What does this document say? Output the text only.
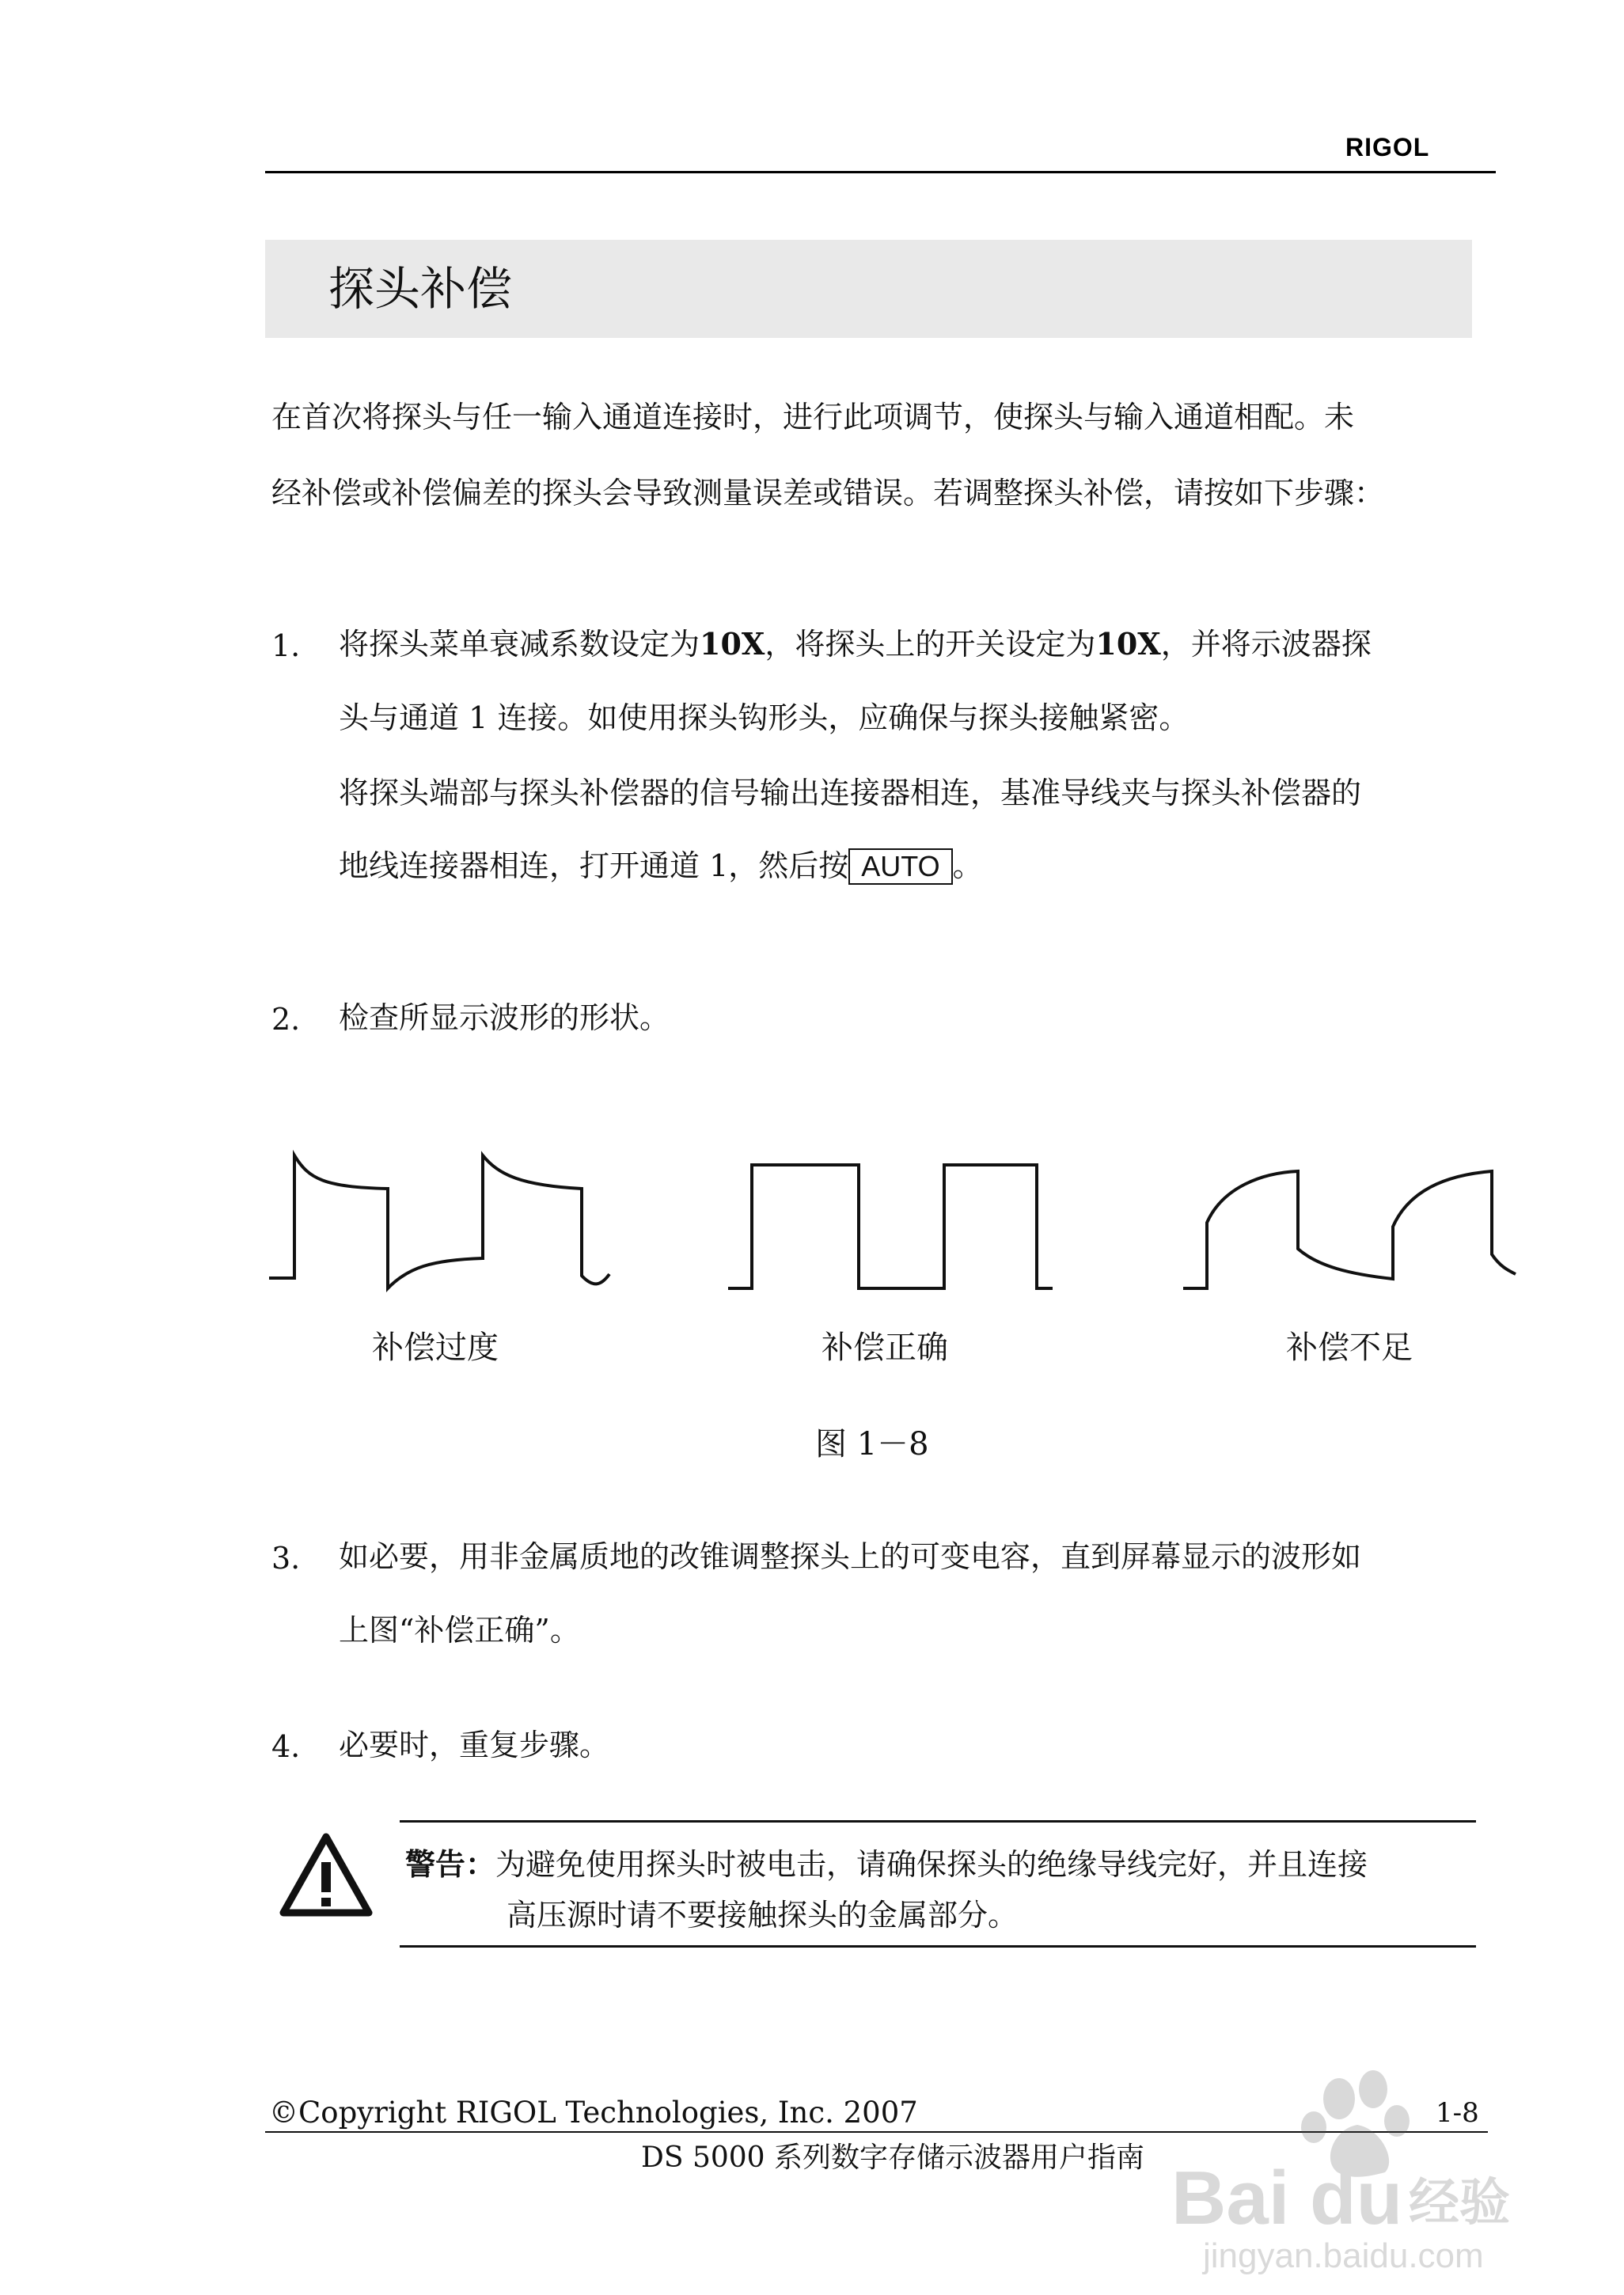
RIGOL
探头补偿
在首次将探头与任一输入通道连接时，进行此项调节，使探头与输入通道相配。未
经补偿或补偿偏差的探头会导致测量误差或错误。若调整探头补偿，请按如下步骤：
1. 将探头菜单衰减系数设定为10X，将探头上的开关设定为10X，并将示波器探
头与通道 1 连接。如使用探头钩形头，应确保与探头接触紧密。
将探头端部与探头补偿器的信号输出连接器相连，基准导线夹与探头补偿器的
地线连接器相连，打开通道 1，然后按 AUTO 。
2. 检查所显示波形的形状。
补偿过度	补偿正确	补偿不足
图 1－8
3. 如必要，用非金属质地的改锥调整探头上的可变电容，直到屏幕显示的波形如
上图“补偿正确”。
4. 必要时，重复步骤。
警告：为避免使用探头时被电击，请确保探头的绝缘导线完好，并且连接
高压源时请不要接触探头的金属部分。
©Copyright RIGOL Technologies, Inc. 2007	1-8
DS 5000 系列数字存储示波器用户指南 Bai du 经验
jingyan.baidu.com
